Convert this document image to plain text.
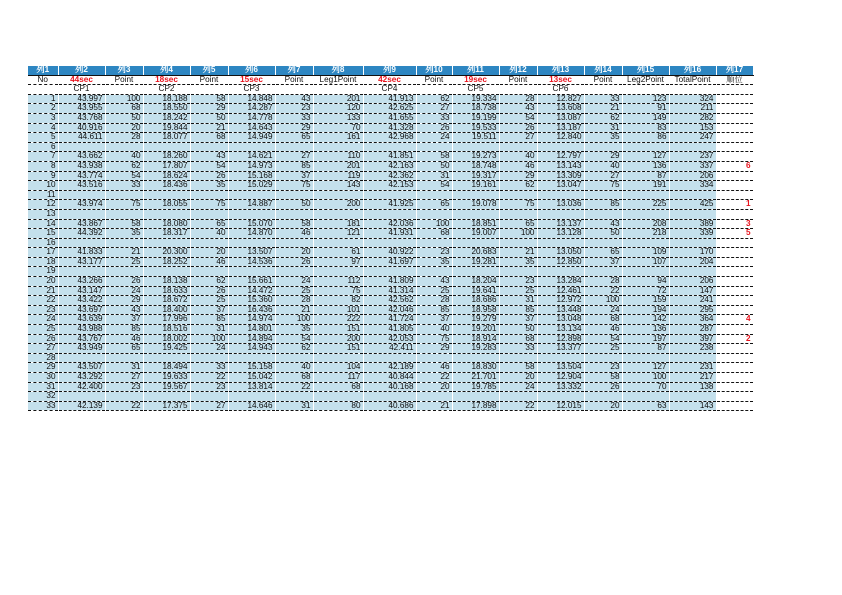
列1	列2	列3	列4	列5	列6	列7	列8	列9	列10	列11	列12	列13	列14	列15	列16	列17
No	44sec	Point	18sec	Point	15sec	Point	Leg1Point	42sec	Point	19sec	Point	13sec	Point	Leg2Point	TotalPoint	順位
	CP1		CP2		CP3			CP4		CP5		CP6				
1	43.997	100	18.188	58	14.848	43	201	41.913	62	19.334	28	12.827	33	123	324	
2	43.955	68	18.550	29	14.287	23	120	42.625	27	18.738	43	13.608	21	91	211	
3	43.768	50	18.242	50	14.778	33	133	41.655	33	19.199	54	13.087	62	149	282	
4	40.916	20	19.844	21	14.643	29	70	41.328	26	19.533	26	13.187	31	83	153	
5	44.611	28	18.077	68	14.949	65	161	42.968	24	19.511	27	12.840	35	86	247	
6																
7	43.662	40	18.260	43	14.621	27	110	41.851	58	19.273	40	12.797	29	127	237	
8	43.938	62	17.807	54	14.973	85	201	42.163	50	18.748	46	13.143	40	136	337	6
9	43.774	54	18.624	26	15.168	37	119	42.362	31	19.317	29	13.309	27	87	206	
10	43.516	33	18.436	35	15.029	75	143	42.153	54	19.161	62	13.047	75	191	334	
11																
12	43.974	75	18.055	75	14.887	50	200	41.925	65	19.078	75	13.036	85	225	425	1
13																
14	43.867	58	18.080	65	15.070	58	181	42.036	100	18.851	65	13.137	43	208	389	3
15	44.392	35	18.317	40	14.870	46	121	41.931	68	19.007	100	13.128	50	218	339	5
16																
17	41.833	21	20.300	20	13.507	20	61	40.922	23	20.683	21	13.050	65	109	170	
18	43.177	25	18.252	46	14.536	26	97	41.697	35	19.281	35	12.850	37	107	204	
19																
20	43.266	26	18.138	62	15.661	24	112	41.809	43	18.204	23	13.284	28	94	206	
21	43.147	24	18.633	26	14.472	25	75	41.314	25	19.641	25	12.461	22	72	147	
22	43.422	29	18.672	25	15.360	28	82	42.562	28	18.686	31	12.972	100	159	241	
23	43.697	43	18.400	37	16.436	21	101	42.046	85	18.958	85	13.448	24	194	295	
24	43.639	37	17.996	85	14.974	100	222	41.724	37	19.279	37	13.048	68	142	364	4
25	43.988	85	18.516	31	14.801	35	151	41.805	40	19.201	50	13.134	46	136	287	
26	43.767	46	18.002	100	14.894	54	200	42.053	75	18.914	68	12.898	54	197	397	2
27	43.949	65	19.425	24	14.943	62	151	42.411	29	19.283	33	13.377	25	87	238	
28																
29	43.507	31	18.494	33	15.158	40	104	42.189	46	18.830	58	13.504	23	127	231	
30	43.292	27	19.633	22	15.042	68	117	40.844	22	21.701	20	12.904	58	100	217	
31	42.400	23	19.567	23	13.814	22	68	40.168	20	19.785	24	13.332	26	70	138	
32																
33	42.139	22	17.375	27	14.646	31	80	40.686	21	17.898	22	12.015	20	63	143	
